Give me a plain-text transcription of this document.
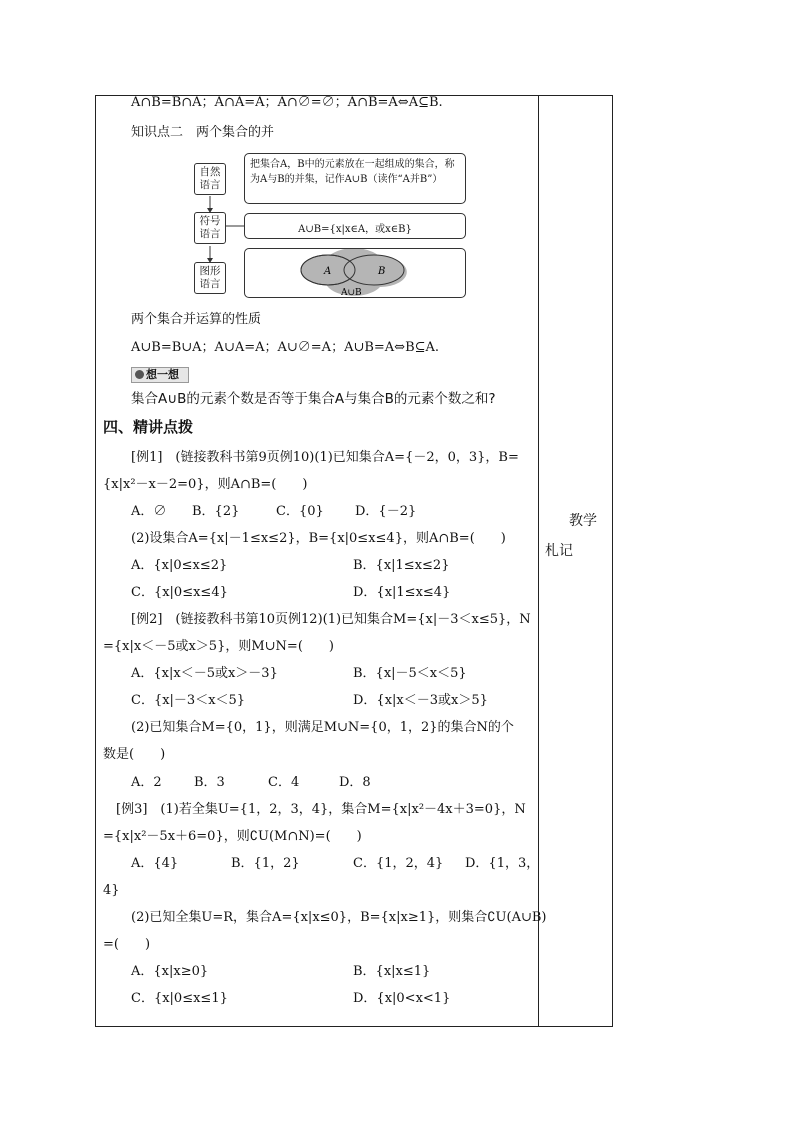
A∩B=B∩A；A∩A=A；A∩∅=∅；A∩B=A⇔A⊆B.
知识点二　两个集合的并
自然语言
符号语言
图形语言
把集合A，B中的元素放在一起组成的集合，称为A与B的并集，记作A∪B（读作“A并B”）
A∪B={x|x∈A，或x∈B}
A	B
A∪B
两个集合并运算的性质
A∪B=B∪A；A∪A=A；A∪∅=A；A∪B=A⇔B⊆A.
想一想
集合A∪B的元素个数是否等于集合A与集合B的元素个数之和?
四、精讲点拨
[例1]　(链接教科书第9页例10)(1)已知集合A={－2，0，3}，B=
{x|x²－x－2=0}，则A∩B=(　　)
A．∅ B．{2}	C．{0} D．{－2}
(2)设集合A={x|－1≤x≤2}，B={x|0≤x≤4}，则A∩B=(　　)
A．{x|0≤x≤2}	B．{x|1≤x≤2}
C．{x|0≤x≤4}	D．{x|1≤x≤4}
[例2]　(链接教科书第10页例12)(1)已知集合M={x|－3＜x≤5}，N
={x|x＜－5或x＞5}，则M∪N=(　　)
A．{x|x＜－5或x＞－3}	B．{x|－5＜x＜5}
C．{x|－3＜x＜5}	D．{x|x＜－3或x＞5}
(2)已知集合M={0，1}，则满足M∪N={0，1，2}的集合N的个
数是(　　)
A．2 B．3	C．4	D．8
[例3]　(1)若全集U={1，2，3，4}，集合M={x|x²－4x＋3=0}，N
={x|x²－5x＋6=0}，则∁U(M∩N)=(　　)
A．{4}	B．{1，2}	C．{1，2，4} D．{1，3，
4}
(2)已知全集U=R，集合A={x|x≤0}，B={x|x≥1}，则集合∁U(A∪B)
=(　　)
A．{x|x≥0}	B．{x|x≤1}
C．{x|0≤x≤1}	D．{x|0<x<1}
教学
札记
